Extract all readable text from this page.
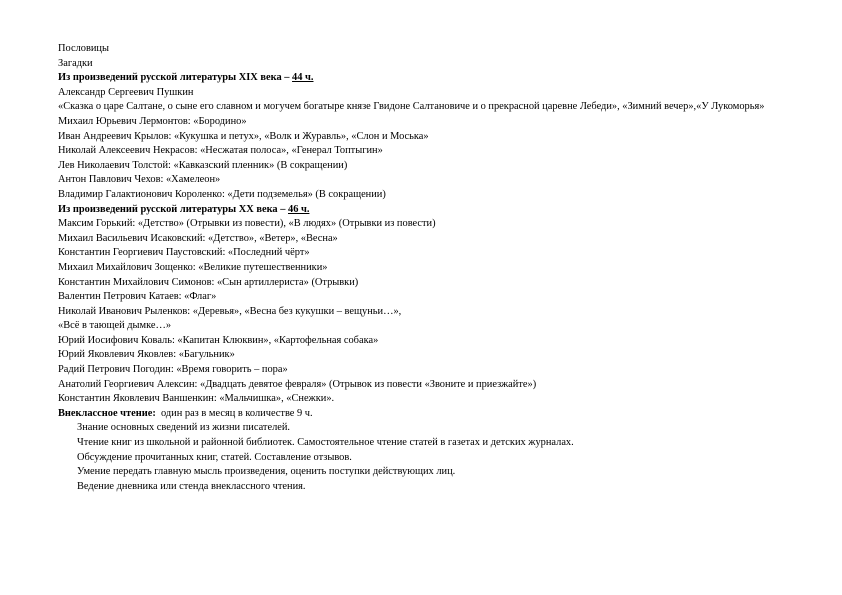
Пословицы
Загадки
Из произведений русской литературы XIX века – 44 ч.
Александр Сергеевич Пушкин
«Сказка о царе Салтане, о сыне его славном и могучем богатыре князе Гвидоне Салтановиче и о прекрасной царевне Лебеди», «Зимний вечер»,«У Лукоморья»
Михаил Юрьевич Лермонтов: «Бородино»
Иван Андреевич Крылов: «Кукушка и петух», «Волк и Журавль», «Слон и Моська»
Николай Алексеевич Некрасов: «Несжатая полоса», «Генерал Топтыгин»
Лев Николаевич Толстой: «Кавказский пленник» (В сокращении)
Антон Павлович Чехов: «Хамелеон»
Владимир Галактионович Короленко: «Дети подземелья» (В сокращении)
Из произведений русской литературы XX века – 46 ч.
Максим Горький: «Детство» (Отрывки из повести), «В людях» (Отрывки из повести)
Михаил Васильевич Исаковский: «Детство», «Ветер», «Весна»
Константин Георгиевич Паустовский: «Последний чёрт»
Михаил Михайлович Зощенко: «Великие путешественники»
Константин Михайлович Симонов: «Сын артиллериста» (Отрывки)
Валентин Петрович Катаев: «Флаг»
Николай Иванович Рыленков: «Деревья», «Весна без кукушки – вещуньи…»,
«Всё в тающей дымке…»
Юрий Иосифович Коваль: «Капитан Клюквин», «Картофельная собака»
Юрий Яковлевич Яковлев: «Багульник»
Радий Петрович Погодин: «Время говорить – пора»
Анатолий Георгиевич Алексин: «Двадцать девятое февраля» (Отрывок из повести «Звоните и приезжайте»)
Константин Яковлевич Ваншенкин: «Мальчишка», «Снежки».
Внеклассное чтение:  один раз в месяц в количестве 9 ч.
Знание основных сведений из жизни писателей.
Чтение книг из школьной и районной библиотек. Самостоятельное чтение статей в газетах и детских журналах.
Обсуждение прочитанных книг, статей. Составление отзывов.
Умение передать главную мысль произведения, оценить поступки действующих лиц.
Ведение дневника или стенда внеклассного чтения.
